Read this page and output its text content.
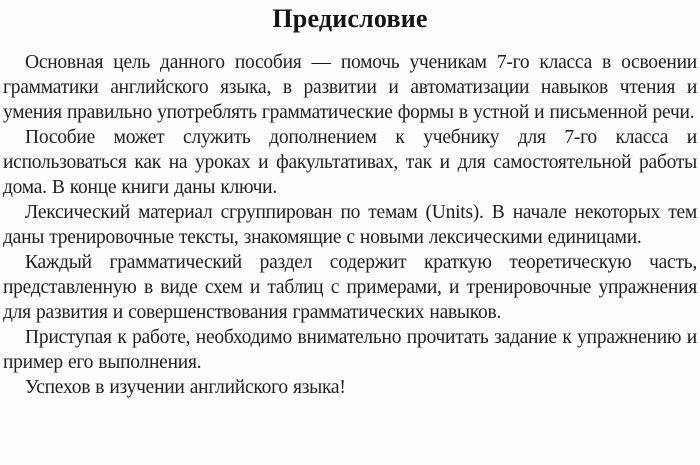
Предисловие

Основная цель данного пособия — помочь ученикам 7-го класса в освоении грамматики английского языка, в развитии и автоматизации навыков чтения и умения правильно употреблять грамматические формы в устной и письменной речи.

Пособие может служить дополнением к учебнику для 7-го класса и использоваться как на уроках и факультативах, так и для самостоятельной работы дома. В конце книги даны ключи.

Лексический материал сгруппирован по темам (Units). В начале некоторых тем даны тренировочные тексты, знакомящие с новыми лексическими единицами.

Каждый грамматический раздел содержит краткую теоретическую часть, представленную в виде схем и таблиц с примерами, и тренировочные упражнения для развития и совершенствования грамматических навыков.

Приступая к работе, необходимо внимательно прочитать задание к упражнению и пример его выполнения.

Успехов в изучении английского языка!
